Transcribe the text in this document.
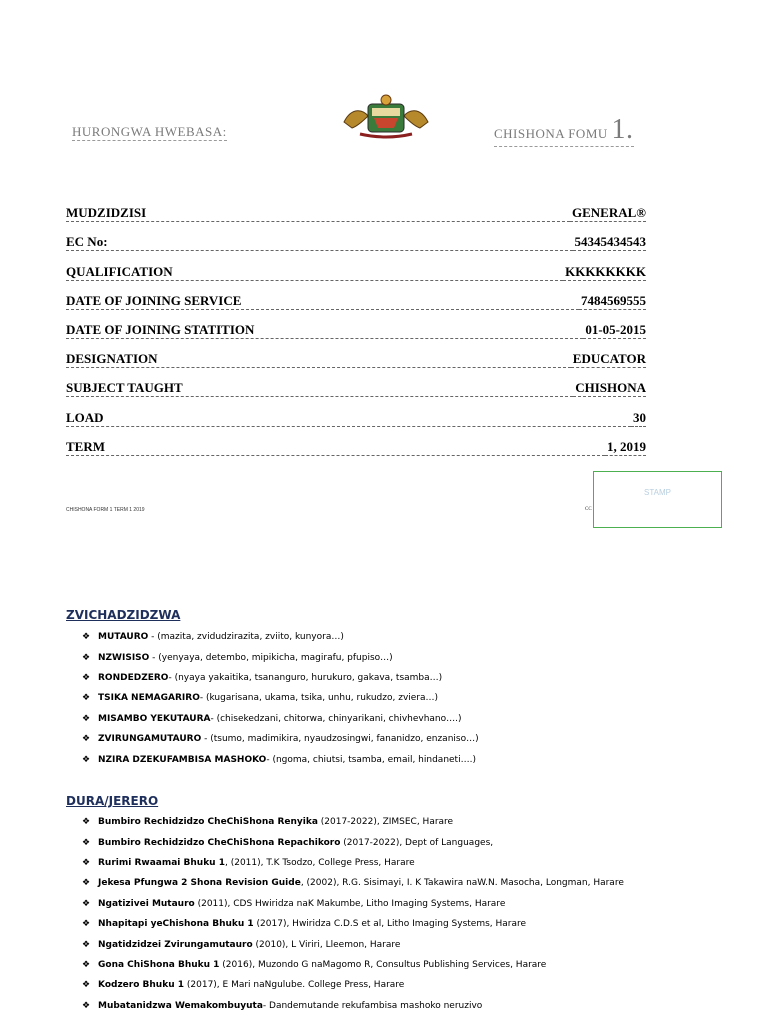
HURONGWA HWEBASA:	CHISHONA FOMU 1.
MUDZIDZISI	GENERAL®
EC No:	54345434543
QUALIFICATION	KKKKKKKK
DATE OF JOINING SERVICE	7484569555
DATE OF JOINING STATITION	01-05-2015
DESIGNATION	EDUCATOR
SUBJECT TAUGHT	CHISHONA
LOAD	30
TERM	1, 2019
CHISHONA FORM 1 TERM 1 2019	CC
STAMP
ZVICHADZIDZWA
❖ MUTAURO - (mazita, zvidudzirazita, zviito, kunyora…)
❖ NZWISISO - (yenyaya, detembo, mipikicha, magirafu, pfupiso…)
❖ RONDEDZERO - (nyaya yakaitika, tsananguro, hurukuro, gakava, tsamba…)
❖ TSIKA NEMAGARIRO - (kugarisana, ukama, tsika, unhu, rukudzo, zviera…)
❖ MISAMBO YEKUTAURA - (chisekedzani, chitorwa, chinyarikani, chivhevhano….)
❖ ZVIRUNGAMUTAURO - (tsumo, madimikira, nyaudzosingwi, fananidzo, enzaniso…)
❖ NZIRA DZEKUFAMBISA MASHOKO - (ngoma, chiutsi, tsamba, email, hindaneti….)
DURA/JERERO
❖ Bumbiro Rechidzidzo CheChiShona Renyika (2017-2022), ZIMSEC, Harare
❖ Bumbiro Rechidzidzo CheChiShona Repachikoro (2017-2022), Dept of Languages,
❖ Rurimi Rwaamai Bhuku 1 , (2011), T.K Tsodzo, College Press, Harare
❖ Jekesa Pfungwa 2 Shona Revision Guide , (2002), R.G. Sisimayi, I. K Takawira naW.N. Masocha, Longman, Harare
❖ Ngatizivei Mutauro (2011), CDS Hwiridza naK Makumbe, Litho Imaging Systems, Harare
❖ Nhapitapi yeChishona Bhuku 1 (2017), Hwiridza C.D.S et al, Litho Imaging Systems, Harare
❖ Ngatidzidzei Zvirungamutauro (2010), L Viriri, Lleemon, Harare
❖ Gona ChiShona Bhuku 1 (2016), Muzondo G naMagomo R, Consultus Publishing Services, Harare
❖ Kodzero Bhuku 1 (2017), E Mari naNgulube. College Press, Harare
❖ Mubatanidzwa Wemakombuyuta - Dandemutande rekufambisa mashoko neruzivo
